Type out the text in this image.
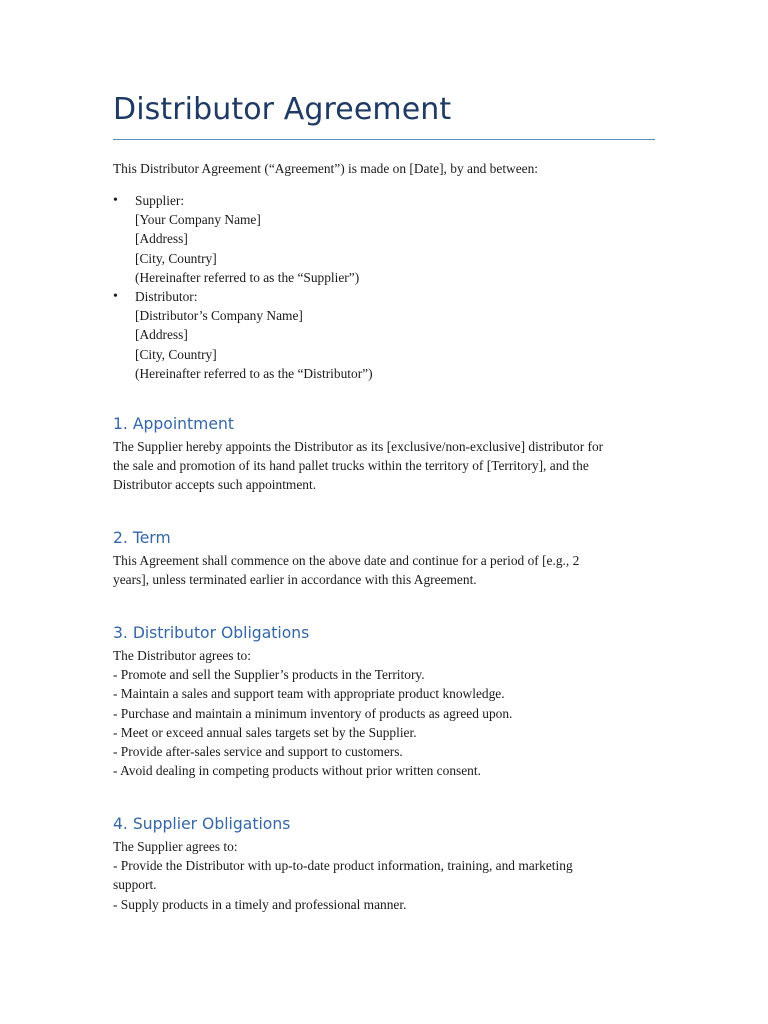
Distributor Agreement

This Distributor Agreement (“Agreement”) is made on [Date], by and between:

• Supplier:
[Your Company Name]
[Address]
[City, Country]
(Hereinafter referred to as the “Supplier”)
• Distributor:
[Distributor’s Company Name]
[Address]
[City, Country]
(Hereinafter referred to as the “Distributor”)
1. Appointment

The Supplier hereby appoints the Distributor as its [exclusive/non-exclusive] distributor for
the sale and promotion of its hand pallet trucks within the territory of [Territory], and the
Distributor accepts such appointment.

2. Term

This Agreement shall commence on the above date and continue for a period of [e.g., 2
years], unless terminated earlier in accordance with this Agreement.

3. Distributor Obligations

The Distributor agrees to:
- Promote and sell the Supplier’s products in the Territory.
- Maintain a sales and support team with appropriate product knowledge.
- Purchase and maintain a minimum inventory of products as agreed upon.
- Meet or exceed annual sales targets set by the Supplier.
- Provide after-sales service and support to customers.
- Avoid dealing in competing products without prior written consent.

4. Supplier Obligations

The Supplier agrees to:
- Provide the Distributor with up-to-date product information, training, and marketing
support.
- Supply products in a timely and professional manner.
